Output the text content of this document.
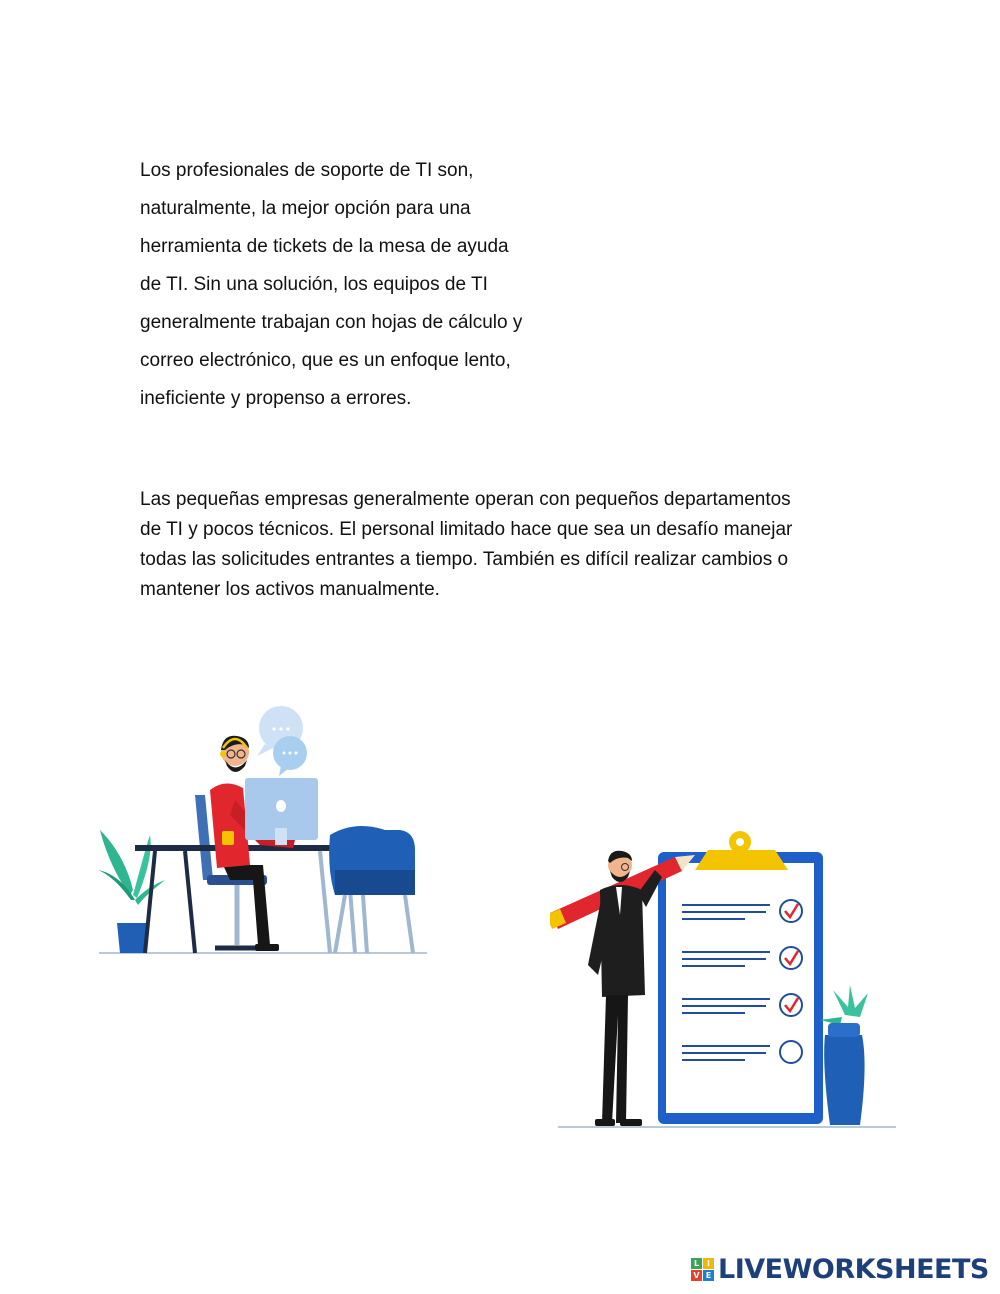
Los profesionales de soporte de TI son,
naturalmente, la mejor opción para una
herramienta de tickets de la mesa de ayuda
de TI. Sin una solución, los equipos de TI
generalmente trabajan con hojas de cálculo y
correo electrónico, que es un enfoque lento,
ineficiente y propenso a errores.
Las pequeñas empresas generalmente operan con pequeños departamentos
de TI y pocos técnicos. El personal limitado hace que sea un desafío manejar
todas las solicitudes entrantes a tiempo. También es difícil realizar cambios o
mantener los activos manualmente.
L I
V E LIVEWORKSHEETS
